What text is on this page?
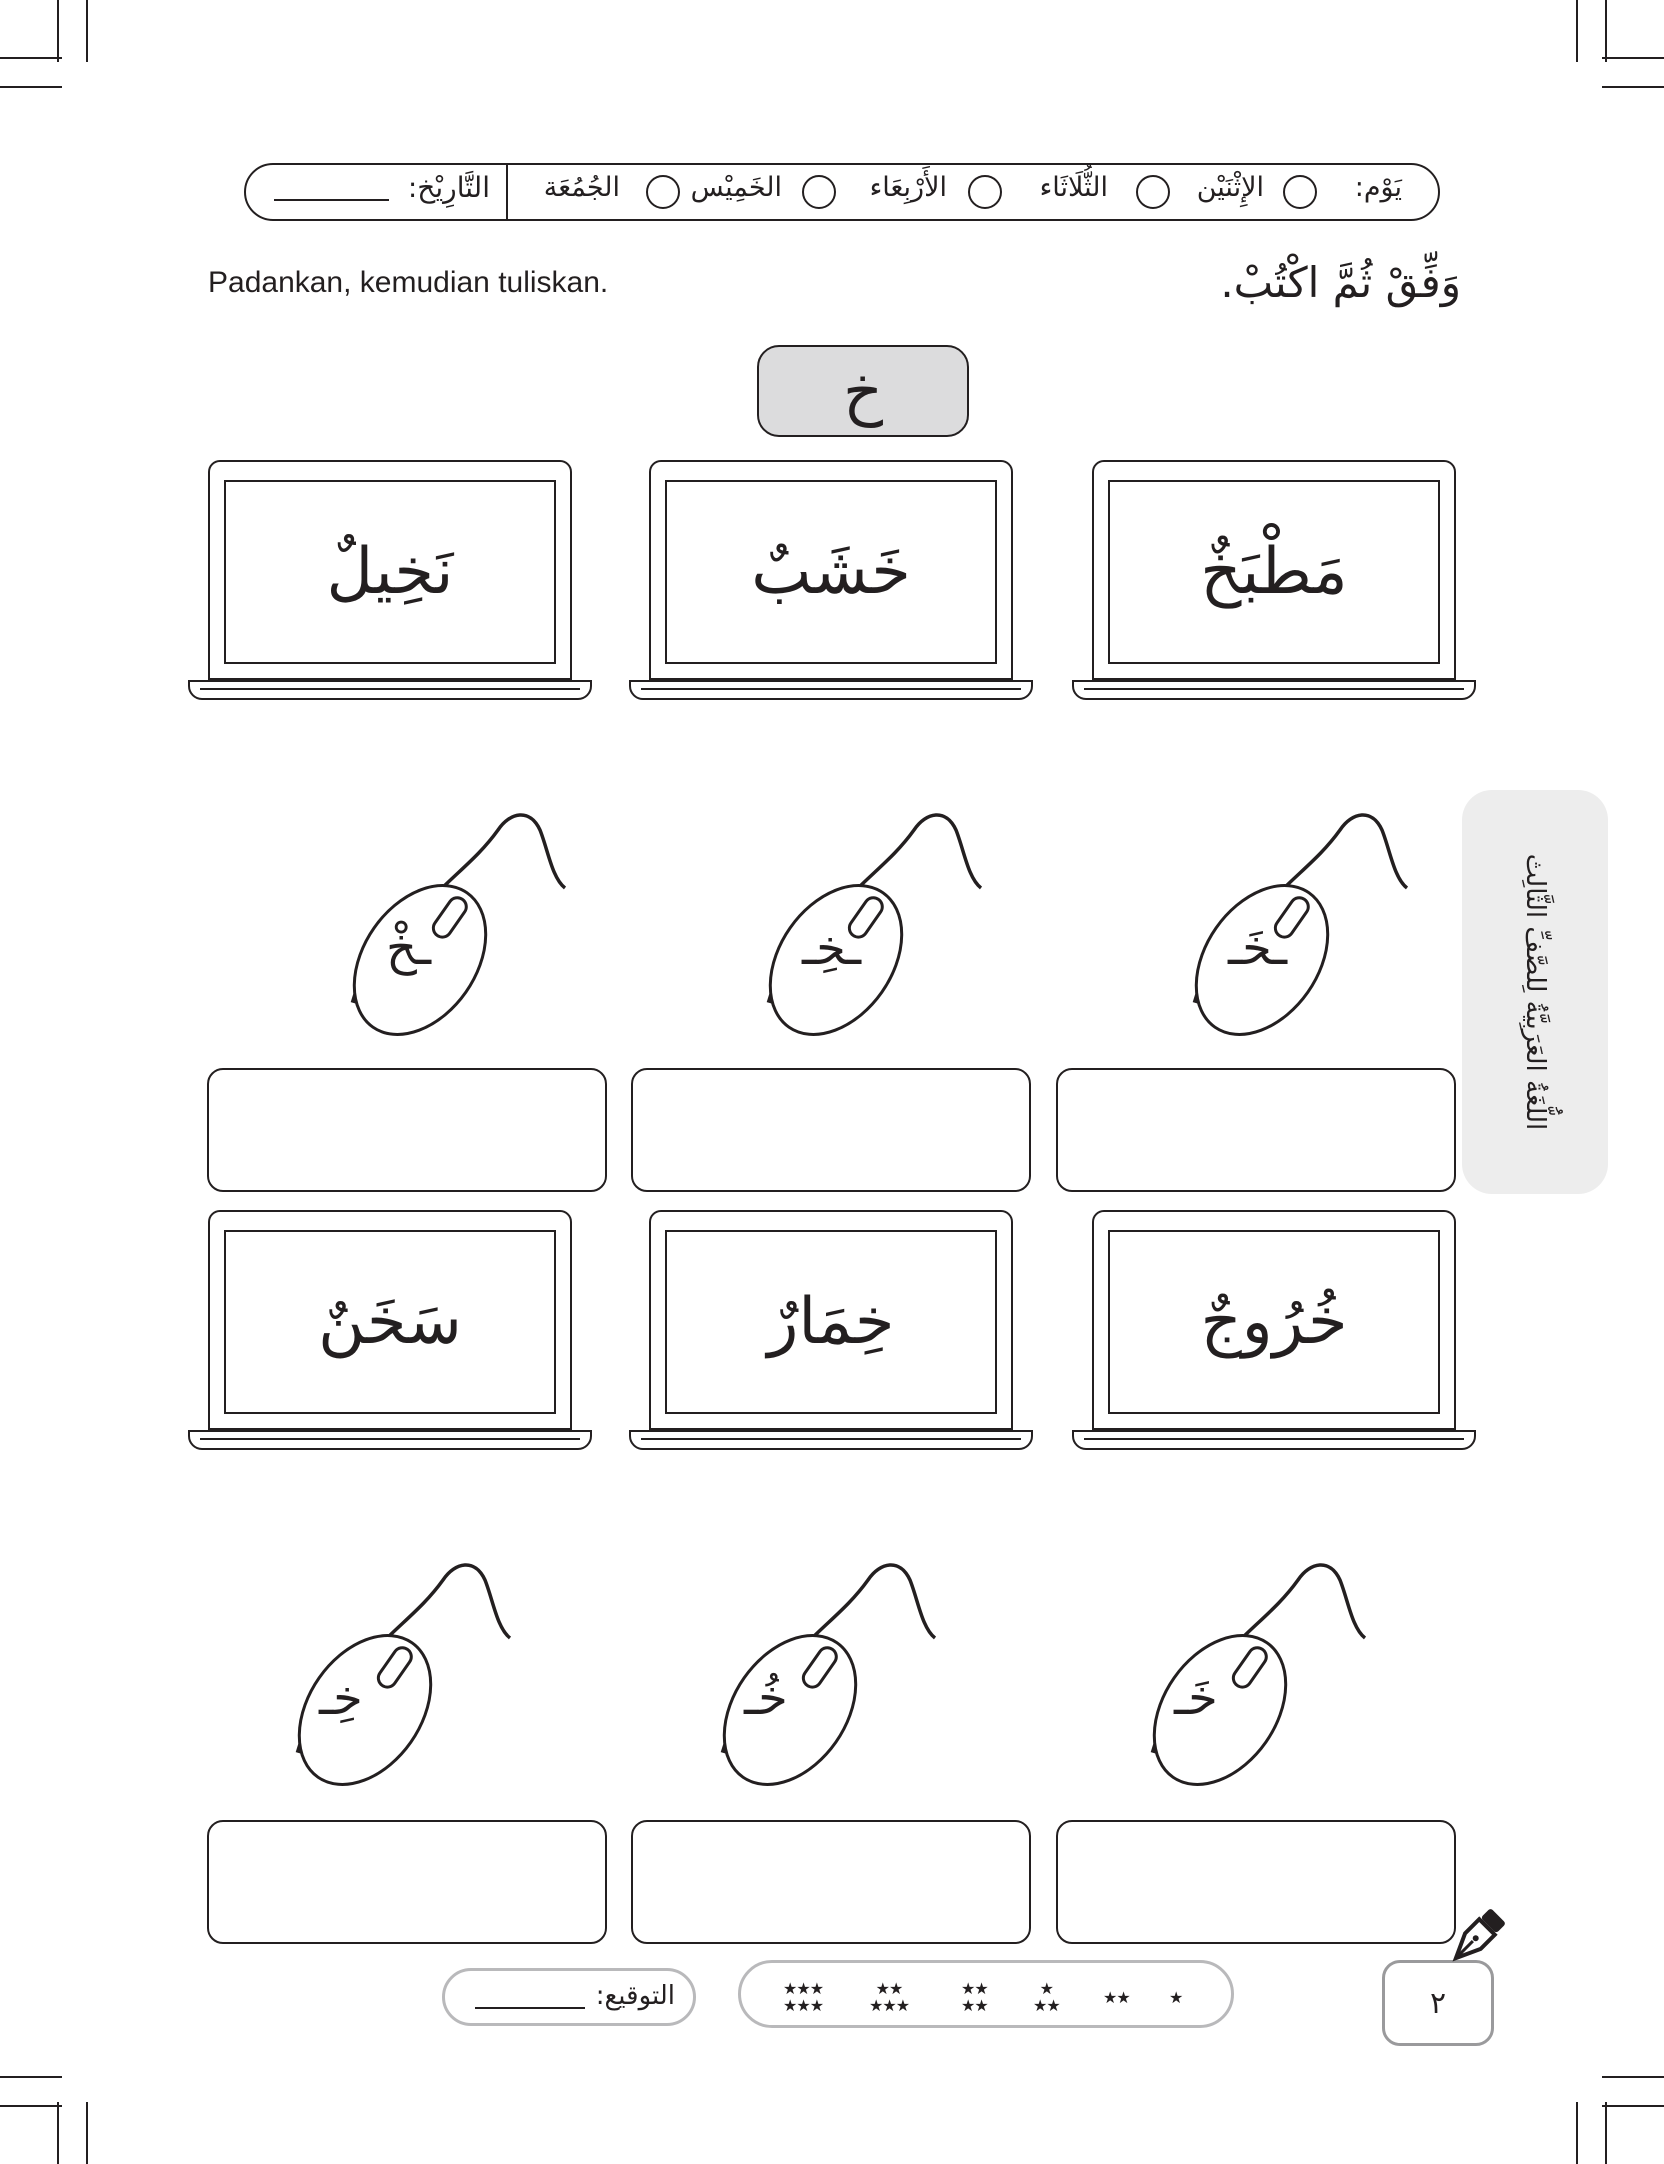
التَّارِيْخ:	يَوْم:
الإِثْنَيْن
الثُّلَاثَاء
الأَرْبِعَاء
الخَمِيْس
الجُمُعَة
Padankan, kemudian tuliskan.	وَفِّقْ ثُمَّ اكْتُبْ.
خ
نَخِيلٌ	خَشَبٌ	مَطْبَخٌ
ـخْ	ـخِـ	ـخَـ
سَخَنٌ	خِمَارٌ	خُرُوجٌ
خِـ	خُـ	خَـ
اللُّغَةُ العَرَبِيَّةُ لِلصَّفِّ الثَّالِث
التوقيع:	★★★
★★★
★★
★★★
★★
★★
★
★★	★★ ★	٢
